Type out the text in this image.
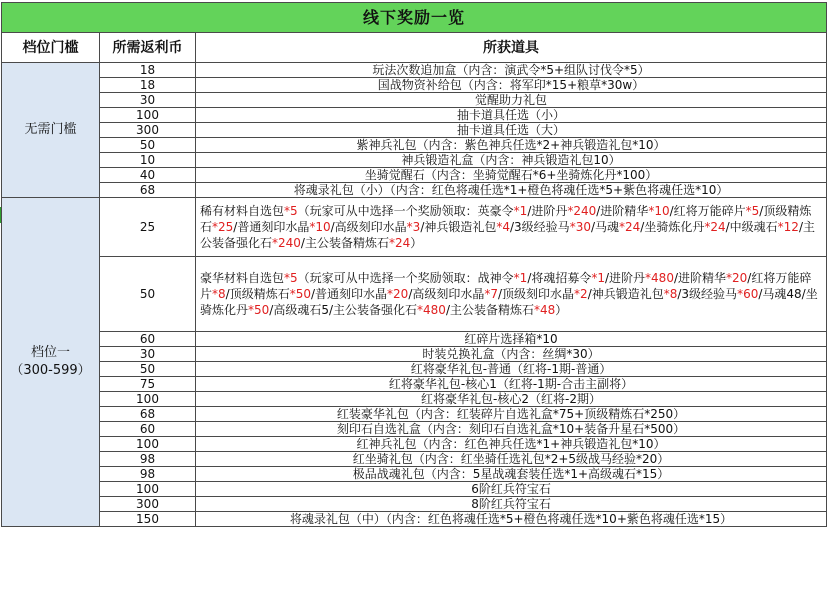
线下奖励一览		
档位门槛	所需返利币	所获道具

无需门槛	18	玩法次数追加盒（内含：演武令*5+组队讨伐令*5）
	18	国战物资补给包（内含：将军印*15+粮草*30w）
	30	觉醒助力礼包
	100	抽卡道具任选（小）
	300	抽卡道具任选（大）
	50	紫神兵礼包（内含：紫色神兵任选*2+神兵锻造礼包*10）
	10	神兵锻造礼盒（内含：神兵锻造礼包10）
	40	坐骑觉醒石（内含：坐骑觉醒石*6+坐骑炼化丹*100）
	68	将魂录礼包（小）（内含：红色将魂任选*1+橙色将魂任选*5+紫色将魂任选*10）

档位一
（300-599）	25	稀有材料自选包*5（玩家可从中选择一个奖励领取：英豪令*1/进阶丹*240/进阶精华*10/红将万能碎片*5/顶级精炼石*25/普通刻印水晶*10/高级刻印水晶*3/神兵锻造礼包*4/3级经验马*30/马魂*24/坐骑炼化丹*24/中级魂石*12/主公装备强化石*240/主公装备精炼石*24）
	50	豪华材料自选包*5（玩家可从中选择一个奖励领取：战神令*1/将魂招募令*1/进阶丹*480/进阶精华*20/红将万能碎片*8/顶级精炼石*50/普通刻印水晶*20/高级刻印水晶*7/顶级刻印水晶*2/神兵锻造礼包*8/3级经验马*60/马魂48/坐骑炼化丹*50/高级魂石5/主公装备强化石*480/主公装备精炼石*48）
	60	红碎片选择箱*10
	30	时装兑换礼盒（内含：丝绸*30）
	50	红将豪华礼包-普通（红将-1期-普通）
	75	红将豪华礼包-核心1（红将-1期-合击主副将）
	100	红将豪华礼包-核心2（红将-2期）
	68	红装豪华礼包（内含：红装碎片自选礼盒*75+顶级精炼石*250）
	60	刻印石自选礼盒（内含：刻印石自选礼盒*10+装备升星石*500）
	100	红神兵礼包（内含：红色神兵任选*1+神兵锻造礼包*10）
	98	红坐骑礼包（内含：红坐骑任选礼包*2+5级战马经验*20）
	98	极品战魂礼包（内含：5星战魂套装任选*1+高级魂石*15）
	100	6阶红兵符宝石
	300	8阶红兵符宝石
	150	将魂录礼包（中）（内含：红色将魂任选*5+橙色将魂任选*10+紫色将魂任选*15）
